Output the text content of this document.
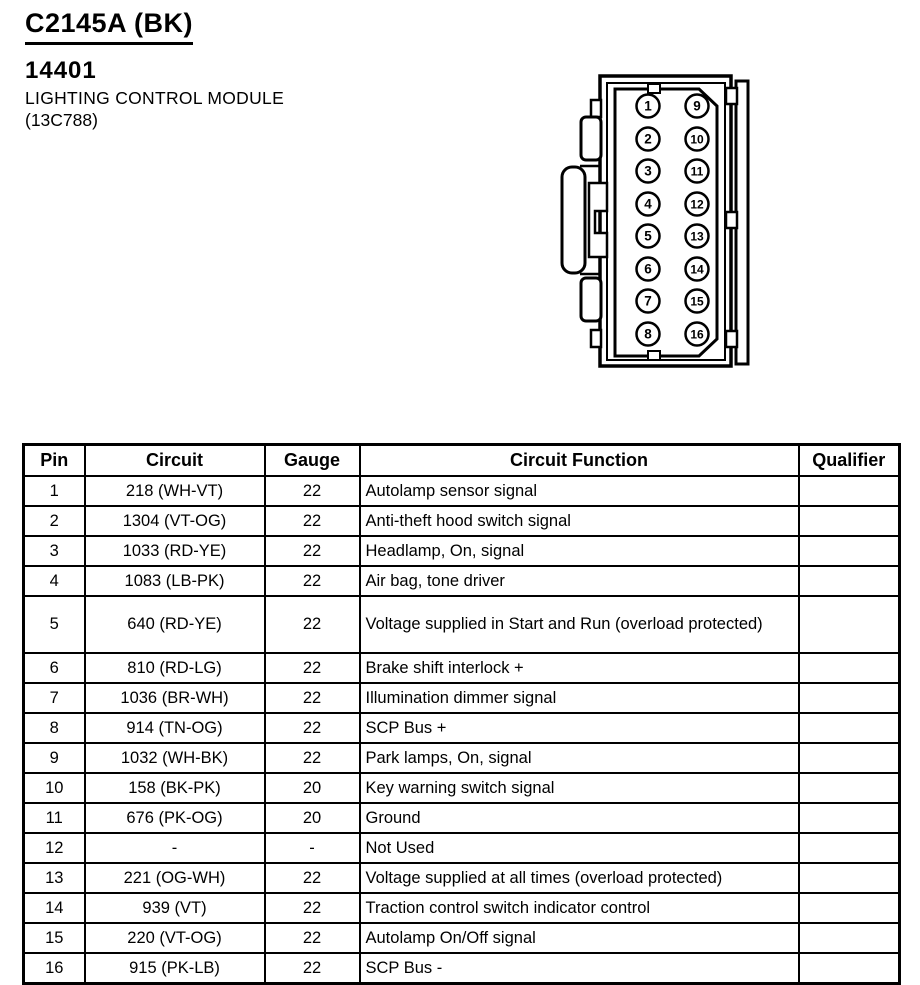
C2145A (BK)
14401
LIGHTING CONTROL MODULE
(13C788)
1
2
3
4
5
6
7
8
9
10
11
12
13
14
15
16
Pin	Circuit	Gauge	Circuit Function	Qualifier
1	218 (WH-VT)	22	Autolamp sensor signal	
2	1304 (VT-OG)	22	Anti-theft hood switch signal	
3	1033 (RD-YE)	22	Headlamp, On, signal	
4	1083 (LB-PK)	22	Air bag, tone driver	
5	640 (RD-YE)	22	Voltage supplied in Start and Run (overload protected)	
6	810 (RD-LG)	22	Brake shift interlock +	
7	1036 (BR-WH)	22	Illumination dimmer signal	
8	914 (TN-OG)	22	SCP Bus +	
9	1032 (WH-BK)	22	Park lamps, On, signal	
10	158 (BK-PK)	20	Key warning switch signal	
11	676 (PK-OG)	20	Ground	
12	-	-	Not Used	
13	221 (OG-WH)	22	Voltage supplied at all times (overload protected)	
14	939 (VT)	22	Traction control switch indicator control	
15	220 (VT-OG)	22	Autolamp On/Off signal	
16	915 (PK-LB)	22	SCP Bus -	
